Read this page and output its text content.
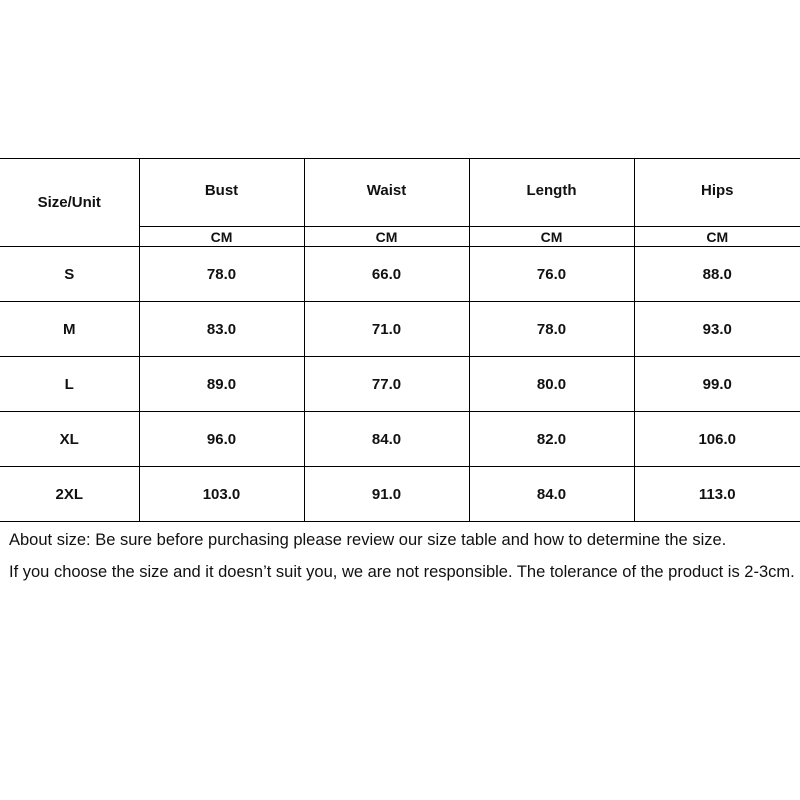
Size/Unit	Bust	Waist	Length	Hips
	CM	CM	CM	CM
S	78.0	66.0	76.0	88.0
M	83.0	71.0	78.0	93.0
L	89.0	77.0	80.0	99.0
XL	96.0	84.0	82.0	106.0
2XL	103.0	91.0	84.0	113.0

About size: Be sure before purchasing please review our size table and how to determine the size.

If you choose the size and it doesn’t suit you, we are not responsible. The tolerance of the product is 2-3cm.
